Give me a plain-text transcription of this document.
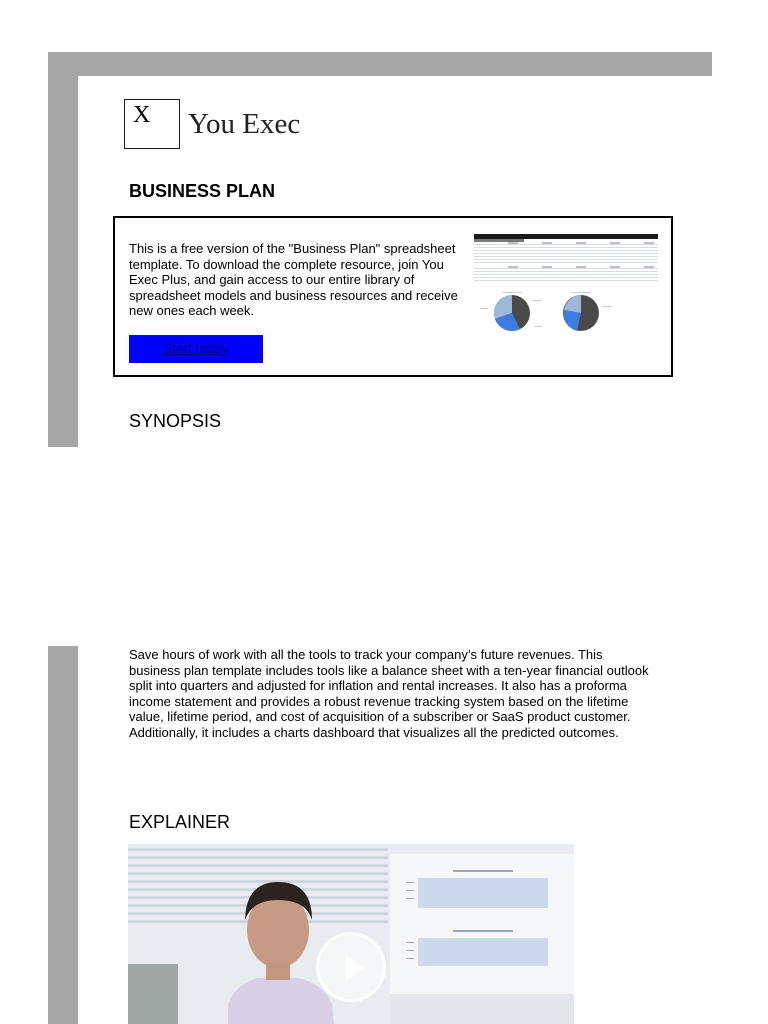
X You Exec
BUSINESS PLAN
This is a free version of the "Business Plan" spreadsheet template. To download the complete resource, join You Exec Plus, and gain access to our entire library of spreadsheet models and business resources and receive new ones each week.
Start today
SYNOPSIS
Save hours of work with all the tools to track your company’s future revenues. This business plan template includes tools like a balance sheet with a ten-year financial outlook split into quarters and adjusted for inflation and rental increases. It also has a proforma income statement and provides a robust revenue tracking system based on the lifetime value, lifetime period, and cost of acquisition of a subscriber or SaaS product customer. Additionally, it includes a charts dashboard that visualizes all the predicted outcomes.
EXPLAINER
